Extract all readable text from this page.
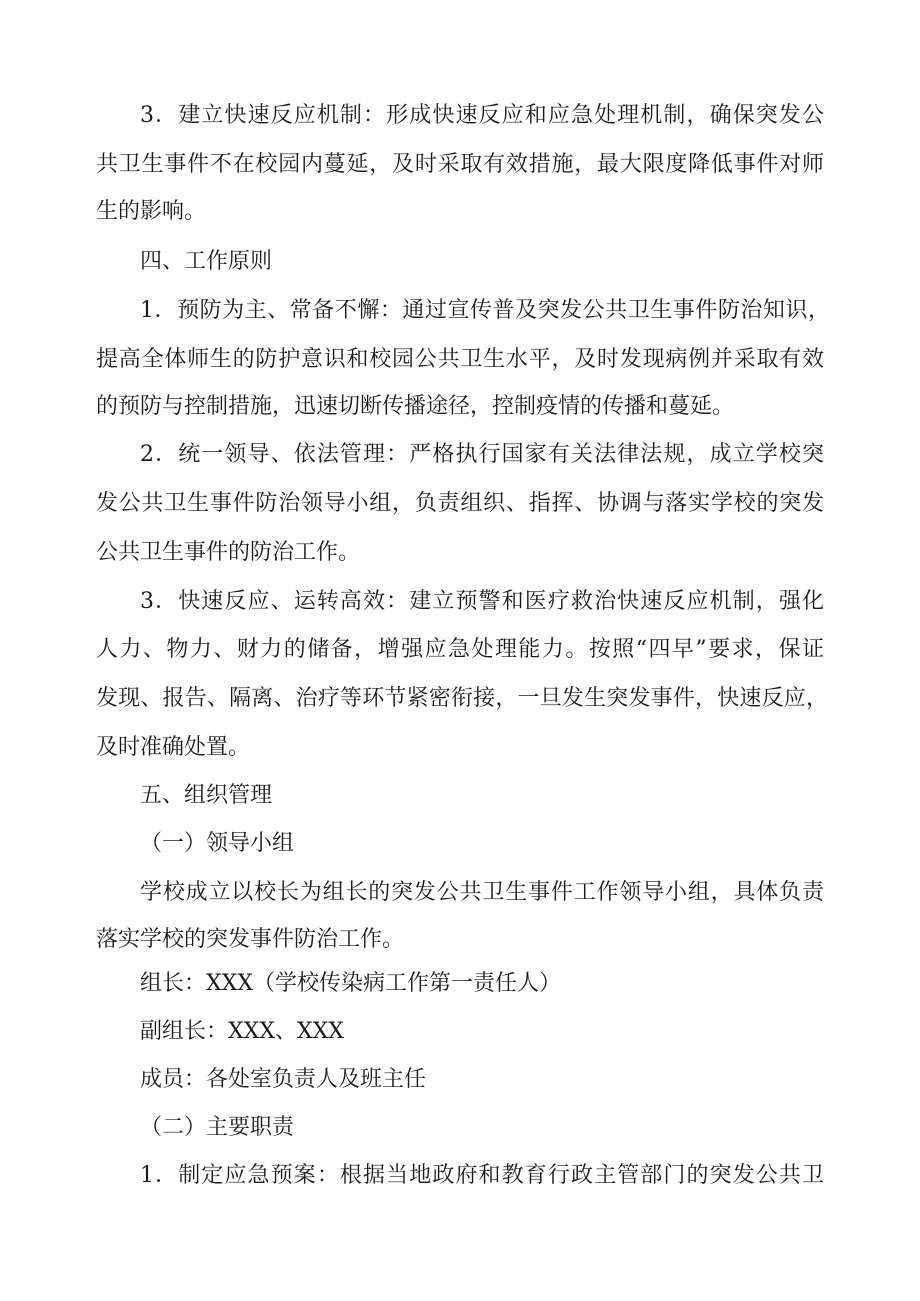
3．建立快速反应机制：形成快速反应和应急处理机制，确保突发公

共卫生事件不在校园内蔓延，及时采取有效措施，最大限度降低事件对师

生的影响。

四、工作原则

1．预防为主、常备不懈：通过宣传普及突发公共卫生事件防治知识，

提高全体师生的防护意识和校园公共卫生水平，及时发现病例并采取有效

的预防与控制措施，迅速切断传播途径，控制疫情的传播和蔓延。

2．统一领导、依法管理：严格执行国家有关法律法规，成立学校突

发公共卫生事件防治领导小组，负责组织、指挥、协调与落实学校的突发

公共卫生事件的防治工作。

3．快速反应、运转高效：建立预警和医疗救治快速反应机制，强化

人力、物力、财力的储备，增强应急处理能力。按照“四早”要求，保证

发现、报告、隔离、治疗等环节紧密衔接，一旦发生突发事件，快速反应，

及时准确处置。

五、组织管理

（一）领导小组

学校成立以校长为组长的突发公共卫生事件工作领导小组，具体负责

落实学校的突发事件防治工作。

组长：XXX（学校传染病工作第一责任人）

副组长：XXX、XXX

成员：各处室负责人及班主任

（二）主要职责

1．制定应急预案：根据当地政府和教育行政主管部门的突发公共卫
